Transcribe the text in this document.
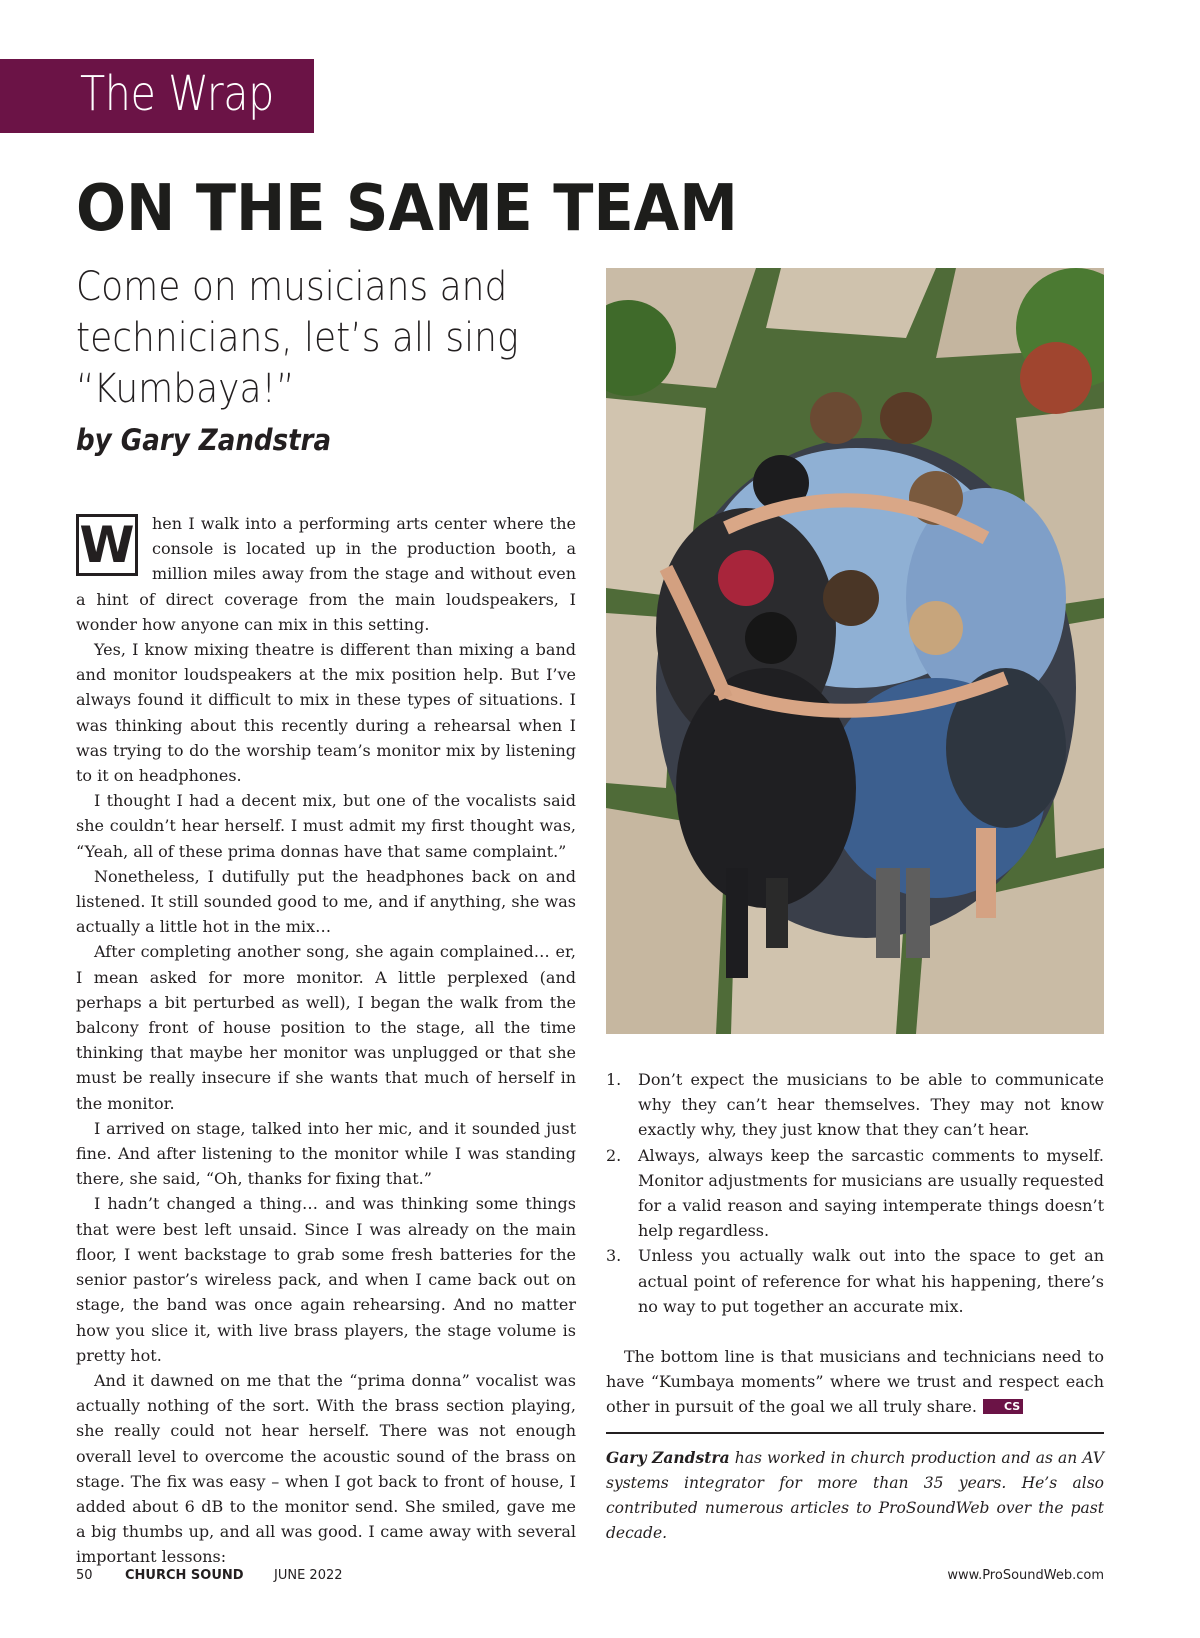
The Wrap
ON THE SAME TEAM
Come on musicians and technicians, let’s all sing “Kumbaya!”
by Gary Zandstra

W hen I walk into a performing arts center where the console is located up in the production booth, a million miles away from the stage and without even a hint of direct coverage from the main loudspeakers, I wonder how anyone can mix in this setting.

Yes, I know mixing theatre is different than mixing a band and monitor loudspeakers at the mix position help. But I’ve always found it difficult to mix in these types of situations. I was thinking about this recently during a rehearsal when I was trying to do the worship team’s monitor mix by listening to it on headphones.

I thought I had a decent mix, but one of the vocalists said she couldn’t hear herself. I must admit my first thought was, “Yeah, all of these prima donnas have that same complaint.”

Nonetheless, I dutifully put the headphones back on and listened. It still sounded good to me, and if anything, she was actually a little hot in the mix…

After completing another song, she again complained… er, I mean asked for more monitor. A little perplexed (and perhaps a bit perturbed as well), I began the walk from the balcony front of house position to the stage, all the time thinking that maybe her monitor was unplugged or that she must be really insecure if she wants that much of herself in the monitor.

I arrived on stage, talked into her mic, and it sounded just fine. And after listening to the monitor while I was standing there, she said, “Oh, thanks for fixing that.”

I hadn’t changed a thing… and was thinking some things that were best left unsaid. Since I was already on the main floor, I went backstage to grab some fresh batteries for the senior pastor’s wireless pack, and when I came back out on stage, the band was once again rehearsing. And no matter how you slice it, with live brass players, the stage volume is pretty hot.

And it dawned on me that the “prima donna” vocalist was actually nothing of the sort. With the brass section playing, she really could not hear herself. There was not enough overall level to overcome the acoustic sound of the brass on stage. The fix was easy – when I got back to front of house, I added about 6 dB to the monitor send. She smiled, gave me a big thumbs up, and all was good. I came away with several important lessons:

1. Don’t expect the musicians to be able to communicate why they can’t hear themselves. They may not know exactly why, they just know that they can’t hear.
2. Always, always keep the sarcastic comments to myself. Monitor adjustments for musicians are usually requested for a valid reason and saying intemperate things doesn’t help regardless.
3. Unless you actually walk out into the space to get an actual point of reference for what his happening, there’s no way to put together an accurate mix.

The bottom line is that musicians and technicians need to have “Kumbaya moments” where we trust and respect each other in pursuit of the goal we all truly share. CS

Gary Zandstra has worked in church production and as an AV systems integrator for more than 35 years. He’s also contributed numerous articles to ProSoundWeb over the past decade.
50 CHURCH SOUND JUNE 2022	www.ProSoundWeb.com
